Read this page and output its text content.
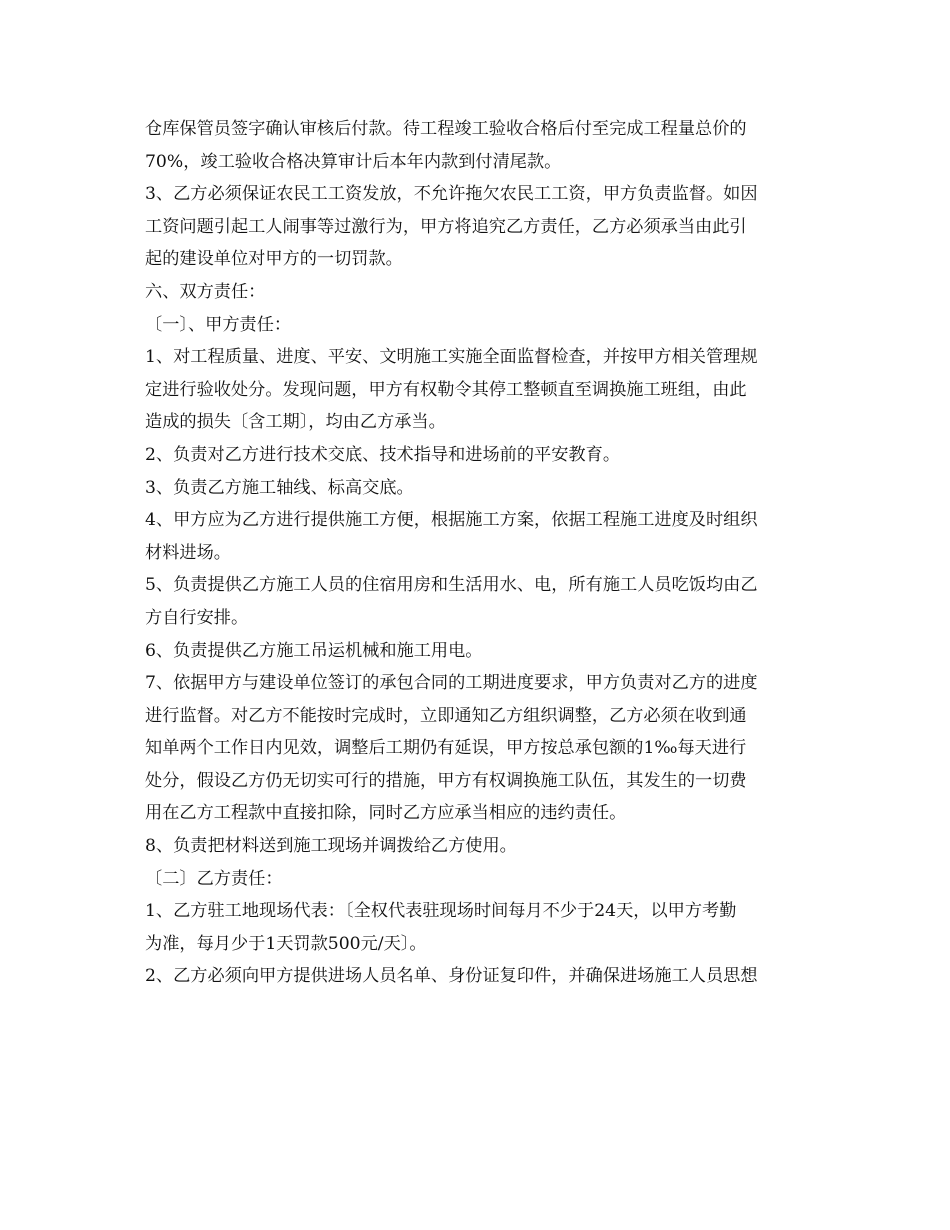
仓库保管员签字确认审核后付款。待工程竣工验收合格后付至完成工程量总价的
70%，竣工验收合格决算审计后本年内款到付清尾款。
3、乙方必须保证农民工工资发放，不允许拖欠农民工工资，甲方负责监督。如因
工资问题引起工人闹事等过激行为，甲方将追究乙方责任，乙方必须承当由此引
起的建设单位对甲方的一切罚款。
六、双方责任：
〔一〕、甲方责任：
1、对工程质量、进度、平安、文明施工实施全面监督检查，并按甲方相关管理规
定进行验收处分。发现问题，甲方有权勒令其停工整顿直至调换施工班组，由此
造成的损失〔含工期〕，均由乙方承当。
2、负责对乙方进行技术交底、技术指导和进场前的平安教育。
3、负责乙方施工轴线、标高交底。
4、甲方应为乙方进行提供施工方便，根据施工方案，依据工程施工进度及时组织
材料进场。
5、负责提供乙方施工人员的住宿用房和生活用水、电，所有施工人员吃饭均由乙
方自行安排。
6、负责提供乙方施工吊运机械和施工用电。
7、依据甲方与建设单位签订的承包合同的工期进度要求，甲方负责对乙方的进度
进行监督。对乙方不能按时完成时，立即通知乙方组织调整，乙方必须在收到通
知单两个工作日内见效，调整后工期仍有延误，甲方按总承包额的1‰每天进行
处分，假设乙方仍无切实可行的措施，甲方有权调换施工队伍，其发生的一切费
用在乙方工程款中直接扣除，同时乙方应承当相应的违约责任。
8、负责把材料送到施工现场并调拨给乙方使用。
〔二〕乙方责任：
1、乙方驻工地现场代表：〔全权代表驻现场时间每月不少于24天，以甲方考勤
为准，每月少于1天罚款500元/天〕。
2、乙方必须向甲方提供进场人员名单、身份证复印件，并确保进场施工人员思想
